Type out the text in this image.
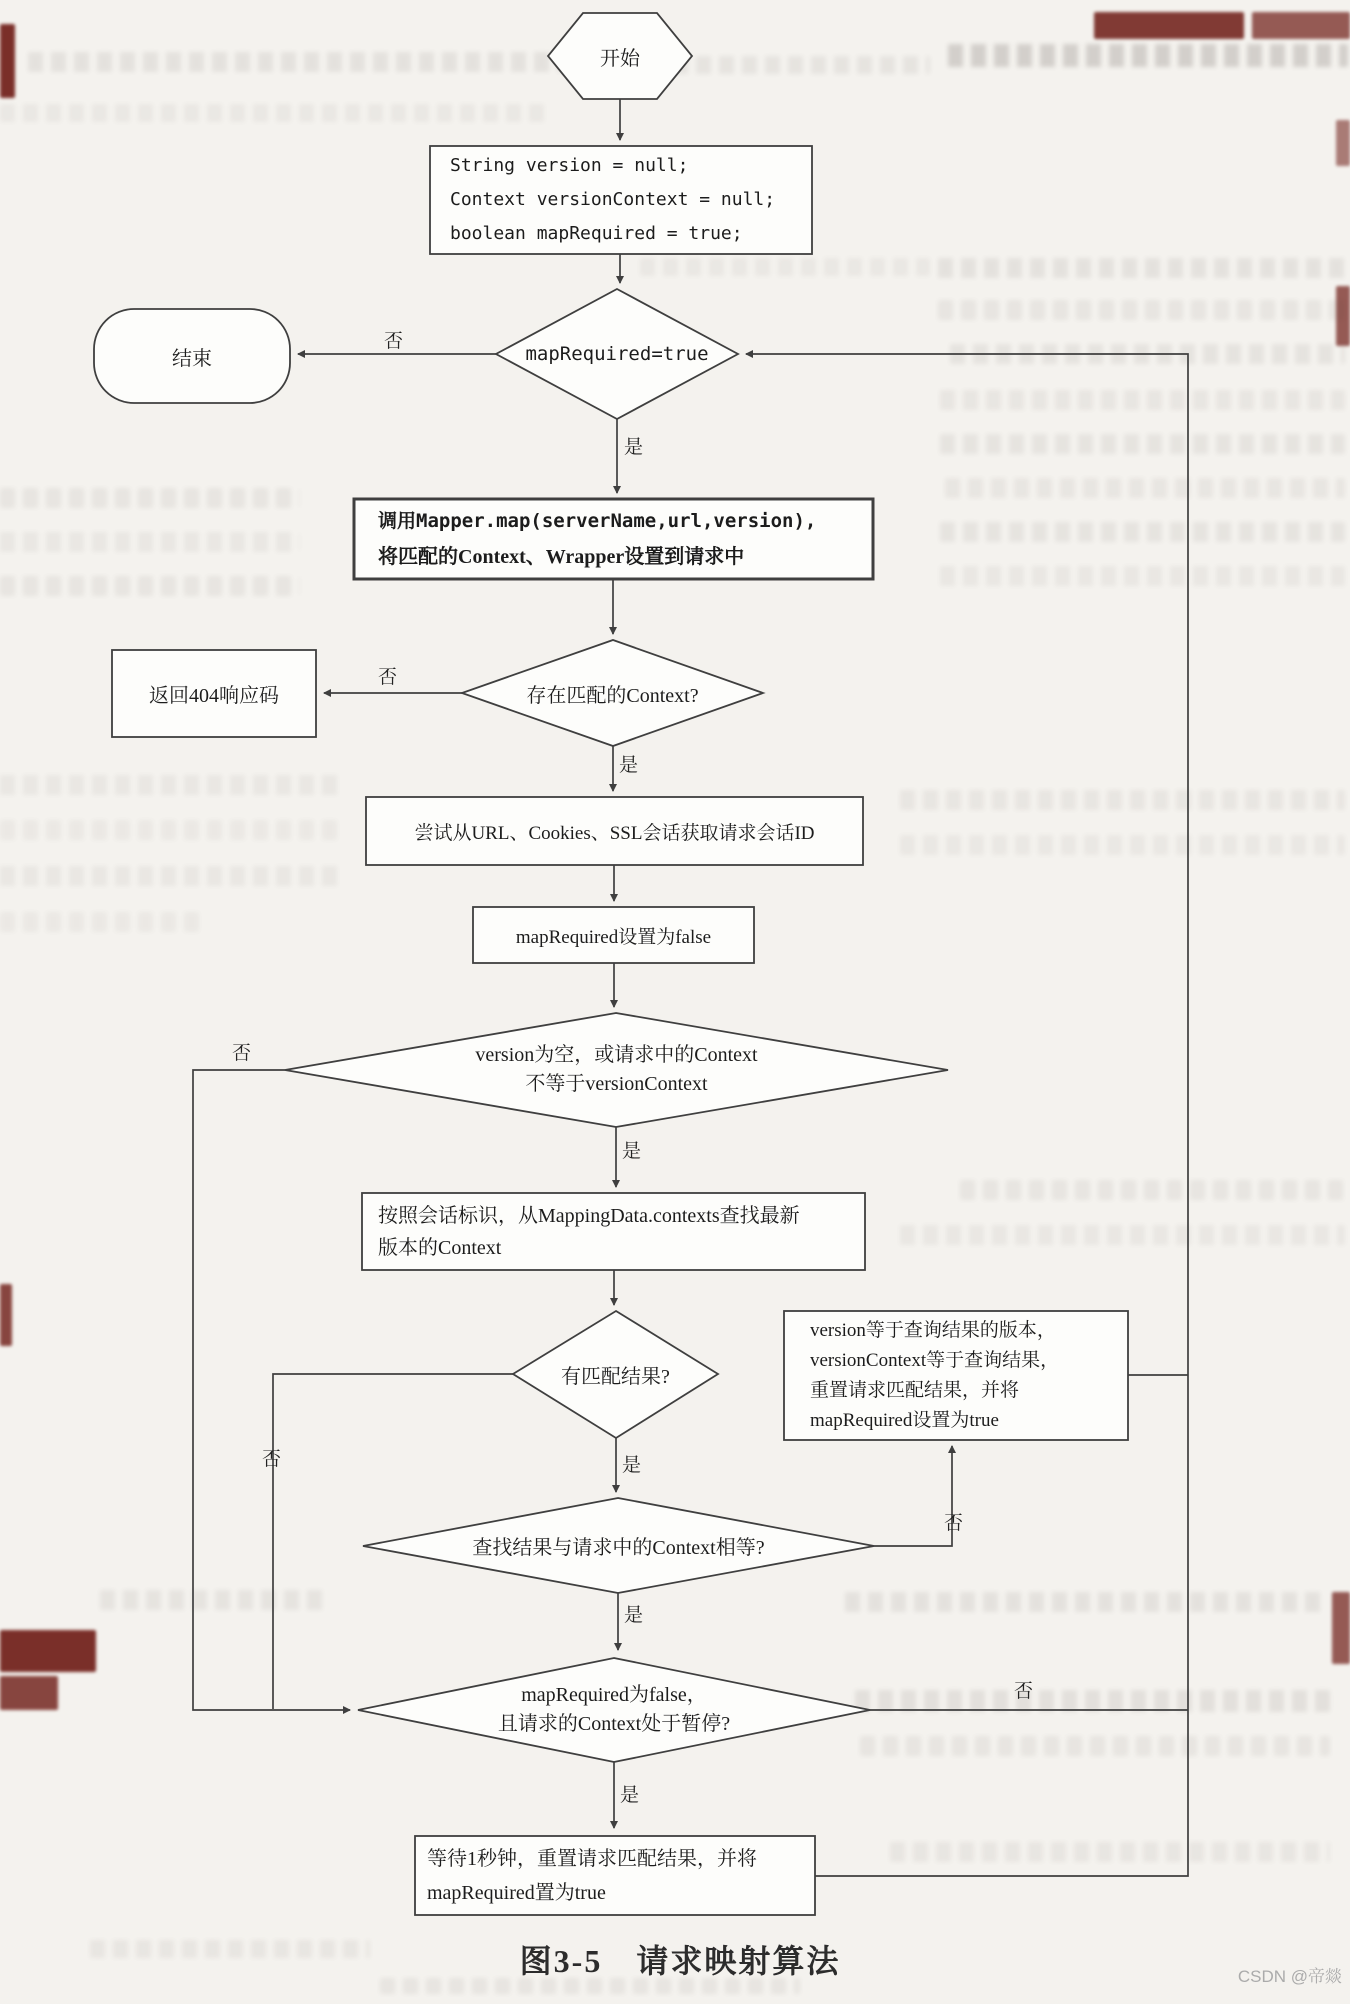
开始
String version = null;
Context versionContext = null;
boolean mapRequired = true;
mapRequired=true
结束
调用Mapper.map(serverName,url,version),
将匹配的Context、Wrapper设置到请求中
存在匹配的Context?
返回404响应码
尝试从URL、Cookies、SSL会话获取请求会话ID
mapRequired设置为false
version为空，或请求中的Context
不等于versionContext
按照会话标识，从MappingData.contexts查找最新
版本的Context
有匹配结果?
version等于查询结果的版本，
versionContext等于查询结果，
重置请求匹配结果，并将
mapRequired设置为true
查找结果与请求中的Context相等?
mapRequired为false，
且请求的Context处于暂停?
等待1秒钟，重置请求匹配结果，并将
mapRequired置为true
是
否
否
是
否
是
否	是
否
是
否
是
图3-5　请求映射算法	CSDN @帝燚
